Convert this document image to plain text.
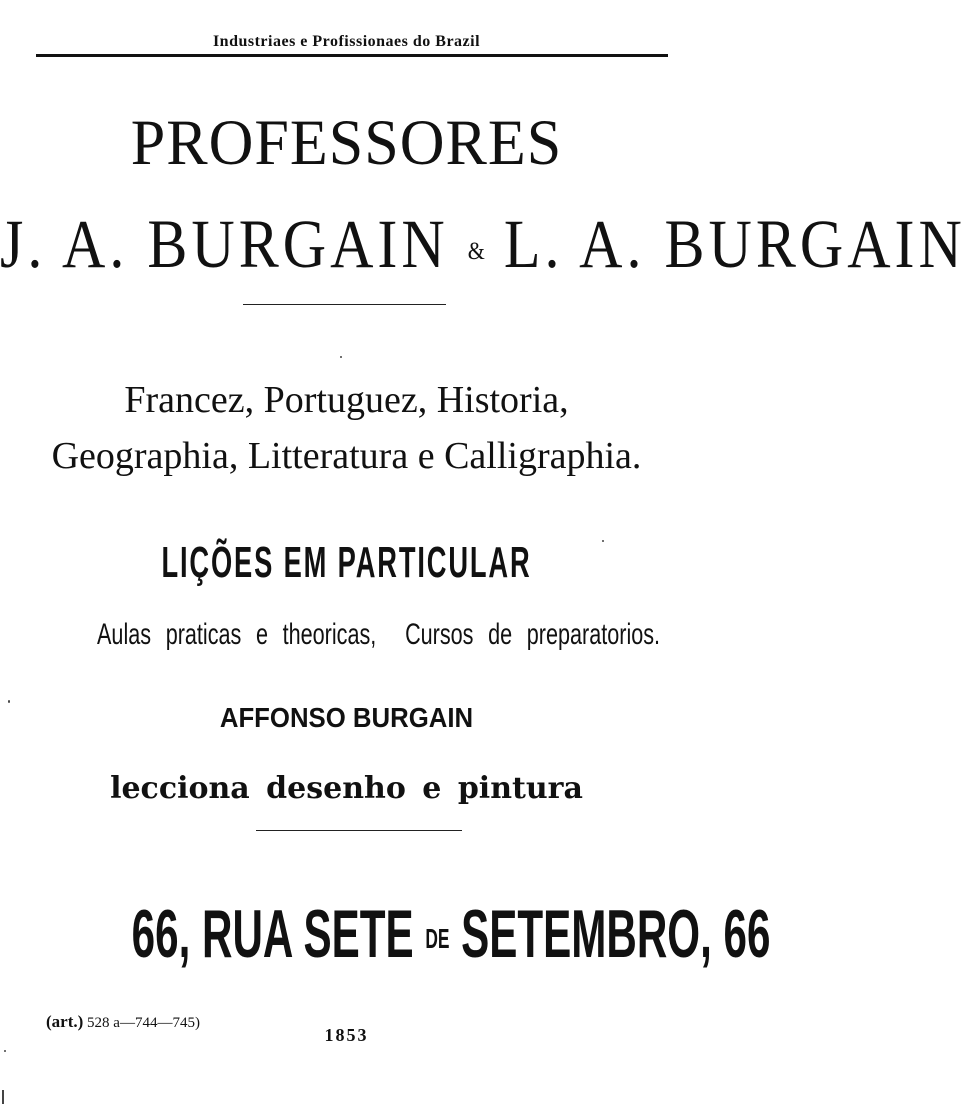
Industriaes e Profissionaes do Brazil
PROFESSORES
J. A. BURGAIN & L. A. BURGAIN
Francez, Portuguez, Historia,
Geographia, Litteratura e Calligraphia.
LIÇÕES EM PARTICULAR
Aulas praticas e theoricas, Cursos de preparatorios.
AFFONSO BURGAIN
lecciona desenho e pintura
66, RUA SETE DE SETEMBRO, 66
(art.) 528 a—744—745)
1853
